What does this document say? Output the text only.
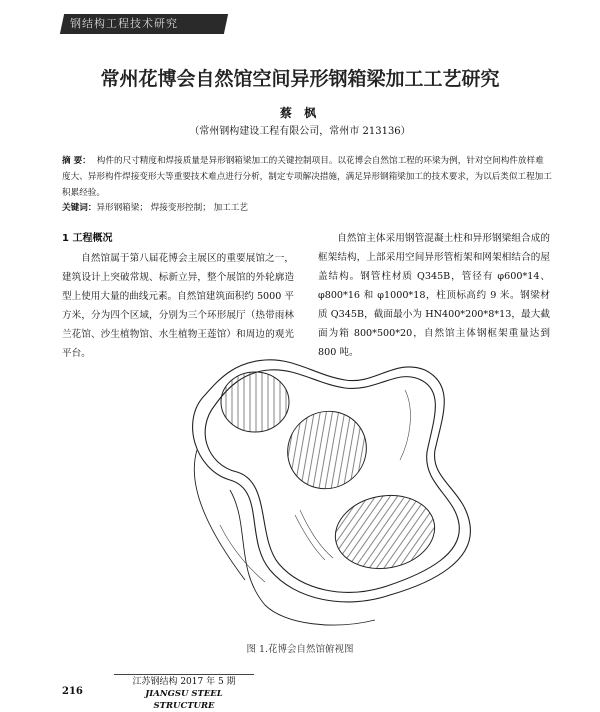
钢结构工程技术研究
常州花博会自然馆空间异形钢箱梁加工工艺研究
蔡 枫
（常州钢构建设工程有限公司，常州市 213136）
摘 要： 构件的尺寸精度和焊接质量是异形钢箱梁加工的关键控制项目。以花博会自然馆工程的环梁为例，针对空间构件放样难度大、异形构件焊接变形大等重要技术难点进行分析，制定专项解决措施，满足异形钢箱梁加工的技术要求，为以后类似工程加工积累经验。
关键词：异形钢箱梁； 焊接变形控制； 加工工艺
1 工程概况
自然馆属于第八届花博会主展区的重要展馆之一，建筑设计上突破常规、标新立异，整个展馆的外轮廓造型上使用大量的曲线元素。自然馆建筑面积约 5000 平方米，分为四个区域，分别为三个环形展厅（热带雨林兰花馆、沙生植物馆、水生植物王莲馆）和周边的观光平台。
自然馆主体采用钢管混凝土柱和异形钢梁组合成的框架结构，上部采用空间异形管桁架和网架相结合的屋盖结构。钢管柱材质 Q345B，管径有 φ600*14、φ800*16 和 φ1000*18，柱顶标高约 9 米。钢梁材质 Q345B，截面最小为 HN400*200*8*13，最大截面为箱 800*500*20，自然馆主体钢框架重量达到 800 吨。
图 1.花博会自然馆俯视图
216
江苏钢结构 2017 年 5 期
JIANGSU STEEL STRUCTURE
